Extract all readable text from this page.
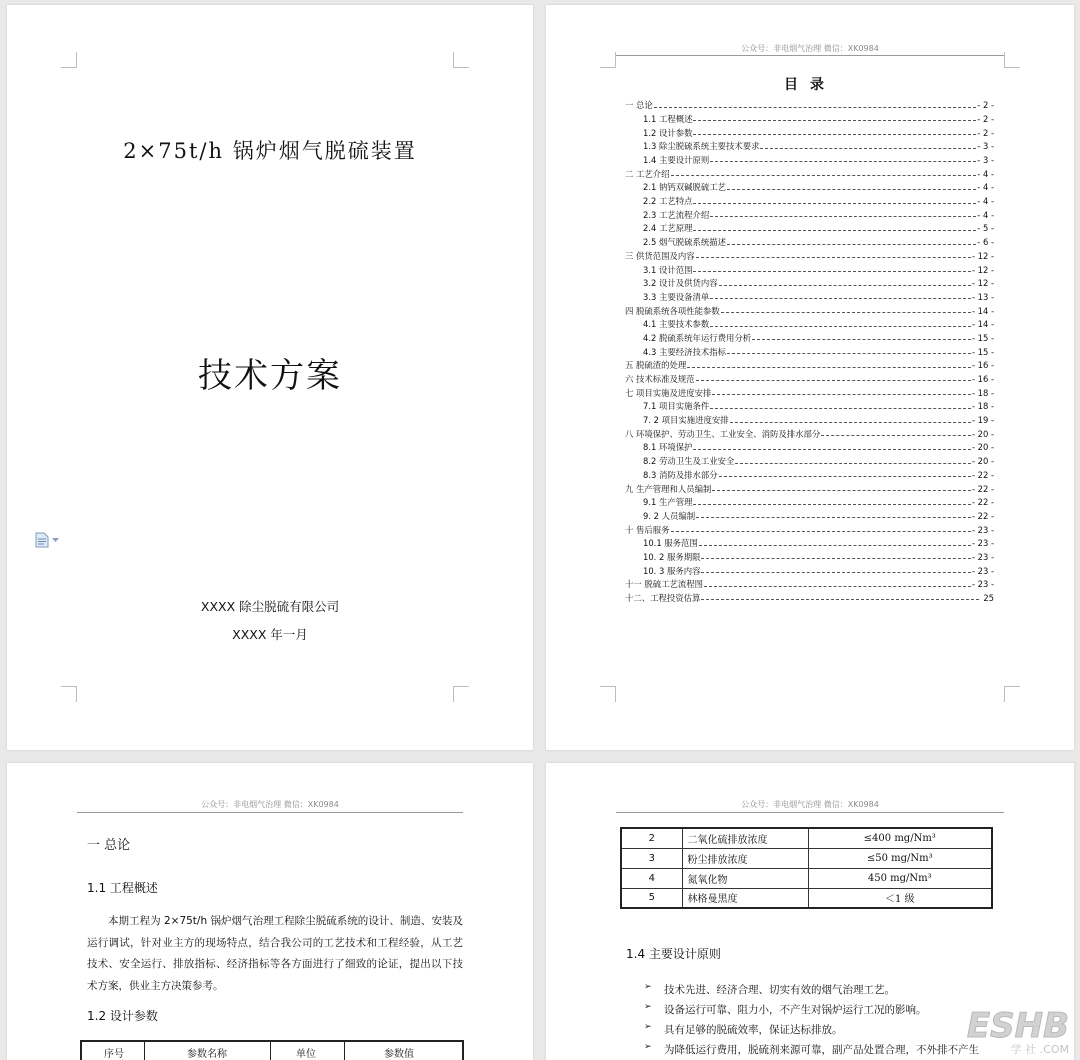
2×75t/h 锅炉烟气脱硫装置
技术方案
XXXX 除尘脱硫有限公司
XXXX 年一月
公众号：非电烟气治理 微信：XK0984
目录
一 总论	- 2 -
1.1 工程概述	- 2 -
1.2 设计参数	- 2 -
1.3 除尘脱硫系统主要技术要求	- 3 -
1.4 主要设计原则	- 3 -
二 工艺介绍	- 4 -
2.1 钠钙双碱脱硫工艺	- 4 -
2.2 工艺特点	- 4 -
2.3 工艺流程介绍	- 4 -
2.4 工艺原理	- 5 -
2.5 烟气脱硫系统描述	- 6 -
三 供货范围及内容	- 12 -
3.1 设计范围	- 12 -
3.2 设计及供货内容	- 12 -
3.3 主要设备清单	- 13 -
四 脱硫系统各项性能参数	- 14 -
4.1 主要技术参数	- 14 -
4.2 脱硫系统年运行费用分析	- 15 -
4.3 主要经济技术指标	- 15 -
五 脱硫渣的处理	- 16 -
六 技术标准及规范	- 16 -
七 项目实施及进度安排	- 18 -
7.1 项目实施条件	- 18 -
7. 2 项目实施进度安排	- 19 -
八 环境保护、劳动卫生、工业安全、消防及排水部分	- 20 -
8.1 环境保护	- 20 -
8.2 劳动卫生及工业安全	- 20 -
8.3 消防及排水部分	- 22 -
九 生产管理和人员编制	- 22 -
9.1 生产管理	- 22 -
9. 2 人员编制	- 22 -
十 售后服务	- 23 -
10.1 服务范围	- 23 -
10. 2 服务期限	- 23 -
10. 3 服务内容	- 23 -
十一 脱硫工艺流程图	- 23 -
十二、工程投资估算	25
公众号：非电烟气治理 微信：XK0984
一 总论
1.1 工程概述
本期工程为 2×75t/h 锅炉烟气治理工程除尘脱硫系统的设计、制造、安装及运行调试，针对业主方的现场特点，结合我公司的工艺技术和工程经验，从工艺技术、安全运行、排放指标、经济指标等各方面进行了细致的论证，提出以下技术方案，供业主方决策参考。
1.2 设计参数
序号	参数名称	单位	参数值
公众号：非电烟气治理 微信：XK0984
2	二氧化硫排放浓度	≤400 mg/Nm³
3	粉尘排放浓度	≤50 mg/Nm³
4	氮氧化物	450 mg/Nm³
5	林格曼黑度	＜1 级
1.4 主要设计原则
➢ 技术先进、经济合理、切实有效的烟气治理工艺。
➢ 设备运行可靠、阻力小，不产生对锅炉运行工况的影响。
➢ 具有足够的脱硫效率，保证达标排放。
➢ 为降低运行费用，脱硫剂来源可靠，副产品处置合理，不外排不产生
ESHB
学 社 .COM
